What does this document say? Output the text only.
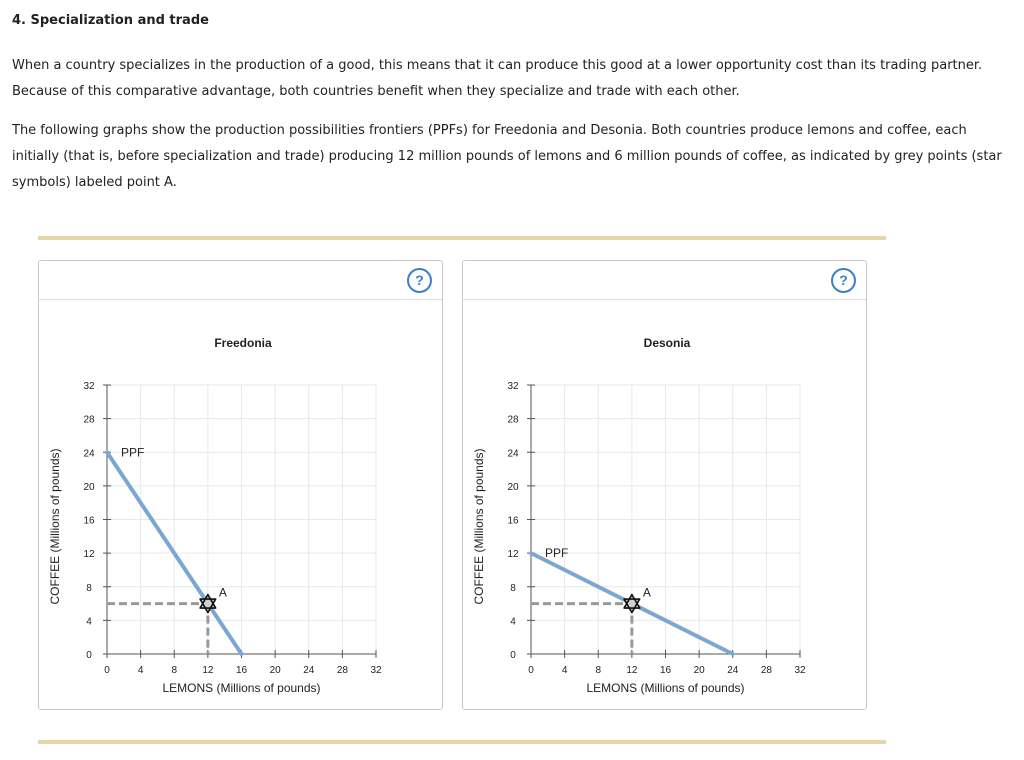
4. Specialization and trade
When a country specializes in the production of a good, this means that it can produce this good at a lower opportunity cost than its trading partner. Because of this comparative advantage, both countries benefit when they specialize and trade with each other.
The following graphs show the production possibilities frontiers (PPFs) for Freedonia and Desonia. Both countries produce lemons and coffee, each initially (that is, before specialization and trade) producing 12 million pounds of lemons and 6 million pounds of coffee, as indicated by grey points (star symbols) labeled point A.
?
Freedonia
0	4	8	12 16 20 24 28 32
0
4
8
12
16
20
24
28
32
LEMONS (Millions of pounds)
COFFEE (Millions of pounds)	PPF
A
?
Desonia
0	4	8	12 16 20 24 28 32
0
4
8
12
16
20
24
28
32
LEMONS (Millions of pounds)
COFFEE (Millions of pounds)	PPF
A
